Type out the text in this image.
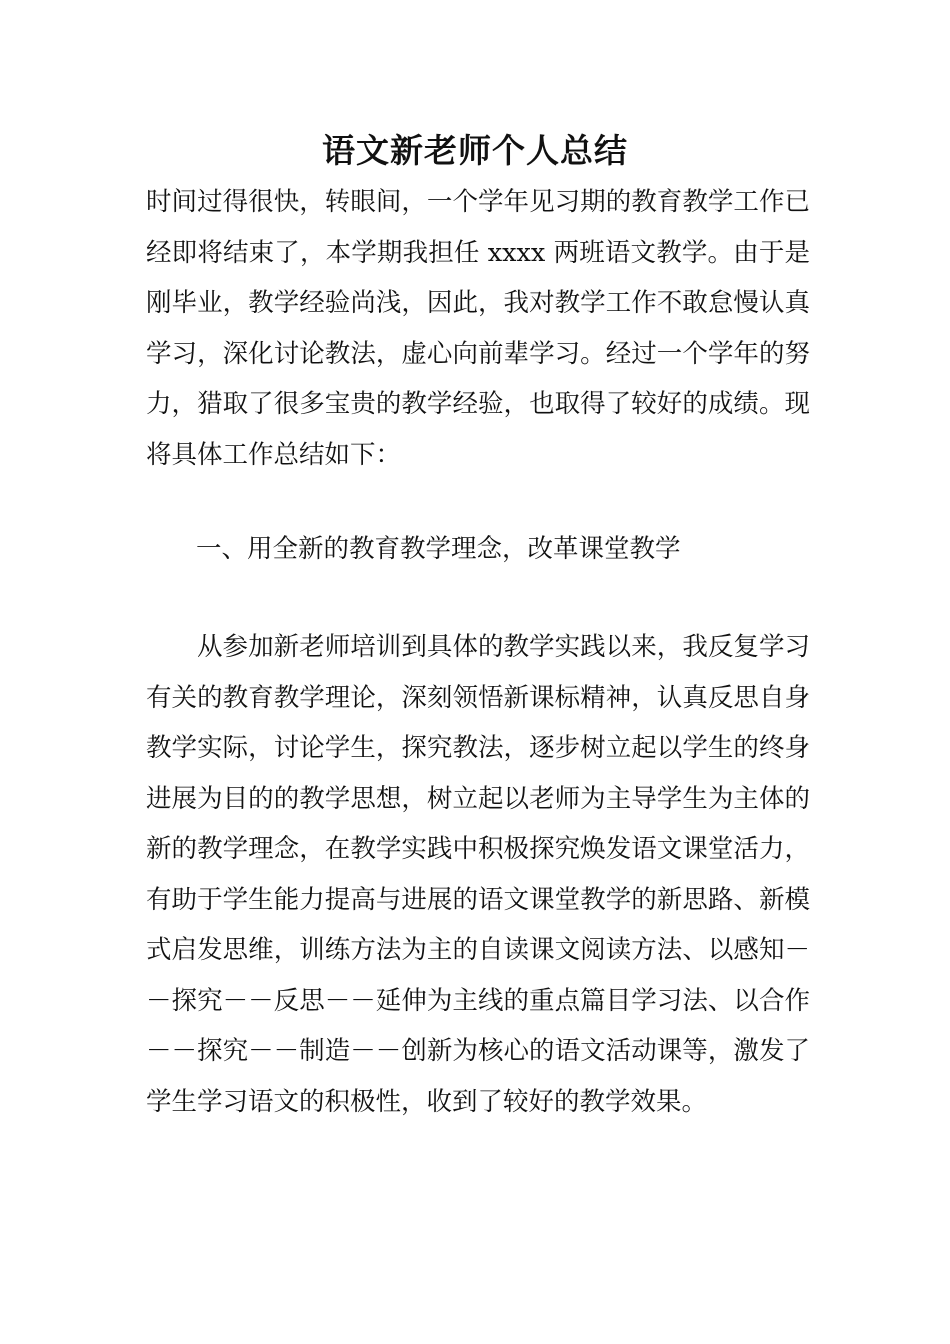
语文新老师个人总结

时间过得很快，转眼间，一个学年见习期的教育教学工作已经即将结束了，本学期我担任 xxxx 两班语文教学。由于是刚毕业，教学经验尚浅，因此，我对教学工作不敢怠慢认真学习，深化讨论教法，虚心向前辈学习。经过一个学年的努力，猎取了很多宝贵的教学经验，也取得了较好的成绩。现将具体工作总结如下：

一、用全新的教育教学理念，改革课堂教学

从参加新老师培训到具体的教学实践以来，我反复学习有关的教育教学理论，深刻领悟新课标精神，认真反思自身教学实际，讨论学生，探究教法，逐步树立起以学生的终身进展为目的的教学思想，树立起以老师为主导学生为主体的新的教学理念，在教学实践中积极探究焕发语文课堂活力，有助于学生能力提高与进展的语文课堂教学的新思路、新模式启发思维，训练方法为主的自读课文阅读方法、以感知－－探究－－反思－－延伸为主线的重点篇目学习法、以合作－－探究－－制造－－创新为核心的语文活动课等，激发了学生学习语文的积极性，收到了较好的教学效果。
